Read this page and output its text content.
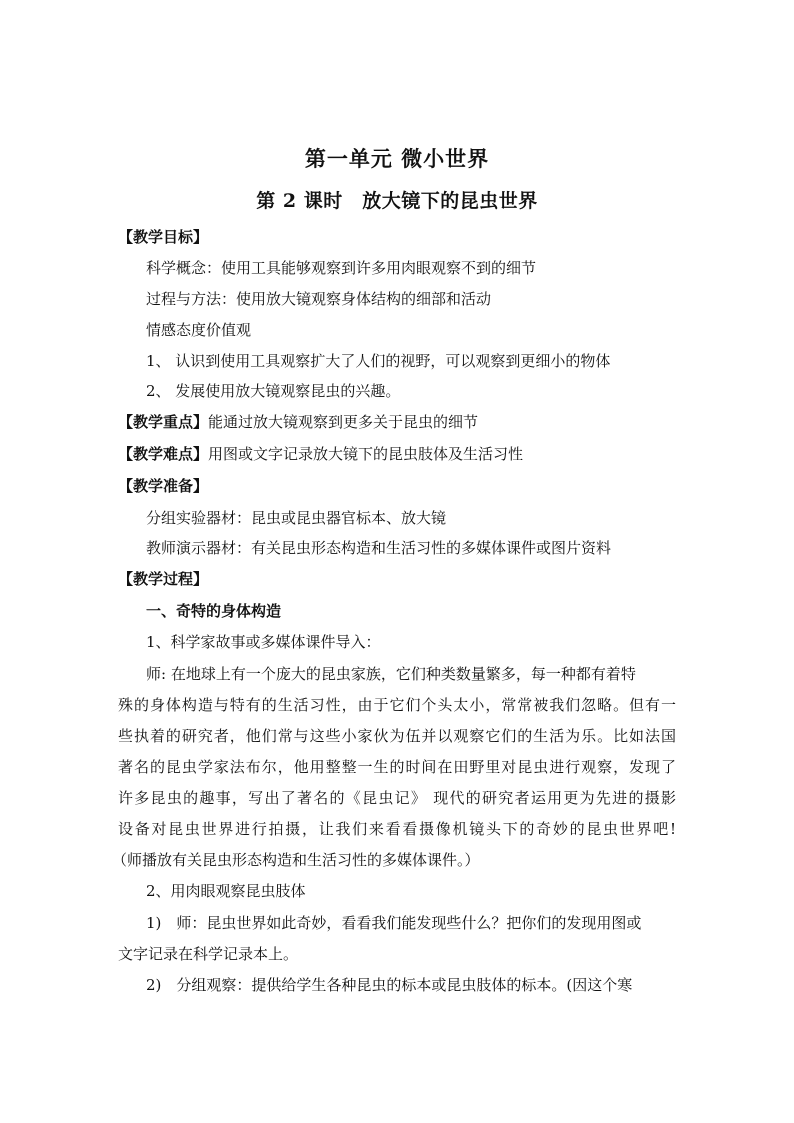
第一单元 微小世界
第 2 课时　放大镜下的昆虫世界

【教学目标】

科学概念：使用工具能够观察到许多用肉眼观察不到的细节

过程与方法：使用放大镜观察身体结构的细部和活动

情感态度价值观

1、 认识到使用工具观察扩大了人们的视野，可以观察到更细小的物体

2、 发展使用放大镜观察昆虫的兴趣。

【教学重点】能通过放大镜观察到更多关于昆虫的细节

【教学难点】用图或文字记录放大镜下的昆虫肢体及生活习性

【教学准备】

分组实验器材：昆虫或昆虫器官标本、放大镜

教师演示器材：有关昆虫形态构造和生活习性的多媒体课件或图片资料

【教学过程】

一、奇特的身体构造

1、科学家故事或多媒体课件导入：

师: 在地球上有一个庞大的昆虫家族，它们种类数量繁多，每一种都有着特

殊的身体构造与特有的生活习性，由于它们个头太小，常常被我们忽略。但有一

些执着的研究者，他们常与这些小家伙为伍并以观察它们的生活为乐。比如法国

著名的昆虫学家法布尔，他用整整一生的时间在田野里对昆虫进行观察，发现了

许多昆虫的趣事，写出了著名的《昆虫记》 现代的研究者运用更为先进的摄影

设备对昆虫世界进行拍摄，让我们来看看摄像机镜头下的奇妙的昆虫世界吧!

（师播放有关昆虫形态构造和生活习性的多媒体课件。）

2、用肉眼观察昆虫肢体

1)　师：昆虫世界如此奇妙，看看我们能发现些什么？把你们的发现用图或

文字记录在科学记录本上。

2)　分组观察：提供给学生各种昆虫的标本或昆虫肢体的标本。(因这个寒
